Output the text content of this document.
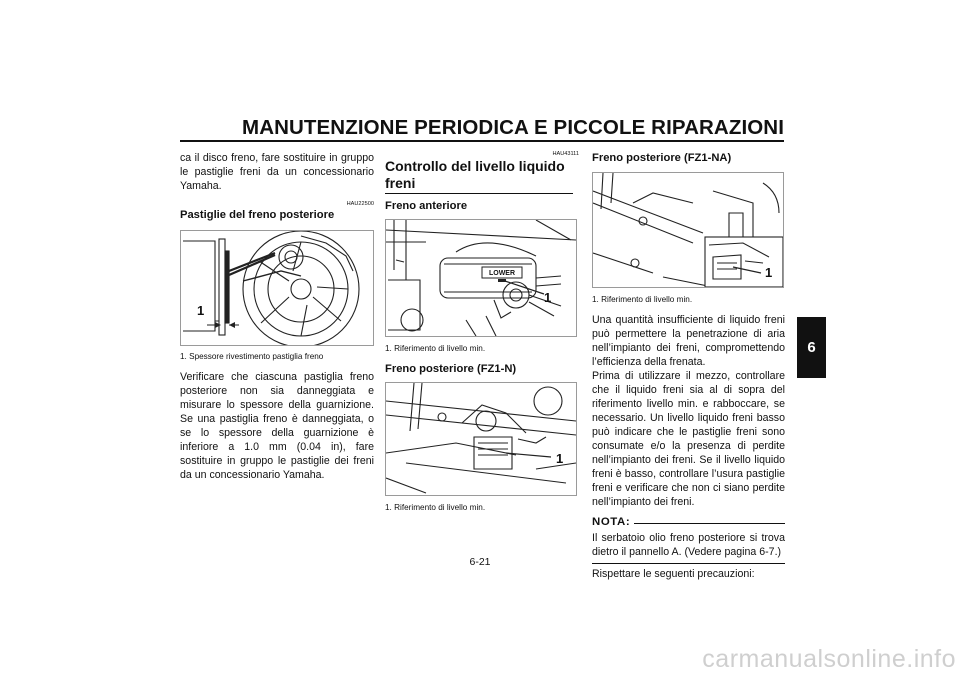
MANUTENZIONE PERIODICA E PICCOLE RIPARAZIONI
6

ca il disco freno, fare sostituire in gruppo le pastiglie freni da un concessionario Yamaha.

HAU22500
Pastiglie del freno posteriore
1
1. Spessore rivestimento pastiglia freno

Verificare che ciascuna pastiglia freno posteriore non sia danneggiata e misurare lo spessore della guarnizione. Se una pastiglia freno è danneggiata, o se lo spessore della guarnizione è inferiore a 1.0 mm (0.04 in), fare sostituire in gruppo le pastiglie dei freni da un concessionario Yamaha.

HAU43111
Controllo del livello liquido freni
Freno anteriore
LOWER
1
1. Riferimento di livello min.
Freno posteriore (FZ1-N)
1
1. Riferimento di livello min.
Freno posteriore (FZ1-NA)
1
1. Riferimento di livello min.

Una quantità insufficiente di liquido freni può permettere la penetrazione di aria nell’impianto dei freni, compromettendo l’efficienza della frenata.

Prima di utilizzare il mezzo, controllare che il liquido freni sia al di sopra del riferimento livello min. e rabboccare, se necessario. Un livello liquido freni basso può indicare che le pastiglie freni sono consumate e/o la presenza di perdite nell’impianto dei freni. Se il livello liquido freni è basso, controllare l’usura pastiglie freni e verificare che non ci siano perdite nell’impianto dei freni.

NOTA:

Il serbatoio olio freno posteriore si trova dietro il pannello A. (Vedere pagina 6-7.)

Rispettare le seguenti precauzioni:

6-21
carmanualsonline.info
